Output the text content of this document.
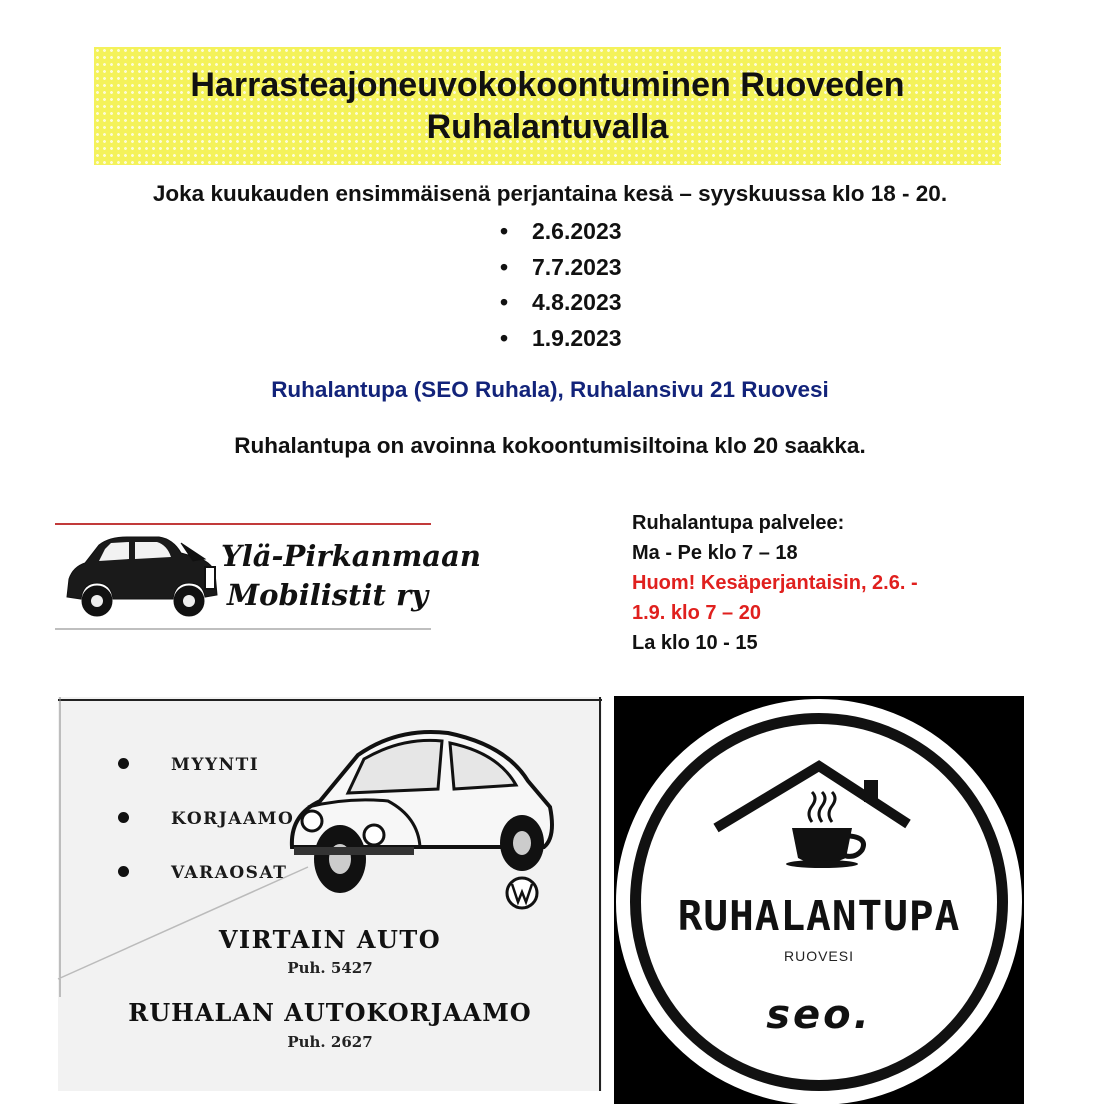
Harrasteajoneuvokokoontuminen Ruoveden
Ruhalantuvalla
Joka kuukauden ensimmäisenä perjantaina kesä – syyskuussa klo 18 - 20.
• 2.6.2023
• 7.7.2023
• 4.8.2023
• 1.9.2023
Ruhalantupa (SEO Ruhala), Ruhalansivu 21 Ruovesi
Ruhalantupa on avoinna kokoontumisiltoina klo 20 saakka.
Ylä-Pirkanmaan
Mobilistit ry
Ruhalantupa palvelee:
Ma - Pe klo 7 – 18
Huom! Kesäperjantaisin, 2.6. -
1.9. klo 7 – 20
La klo 10 - 15
MYYNTI
KORJAAMO
VARAOSAT
VIRTAIN AUTO
Puh. 5427
RUHALAN AUTOKORJAAMO
Puh. 2627
RUHALANTUPA
RUOVESI
seo.
